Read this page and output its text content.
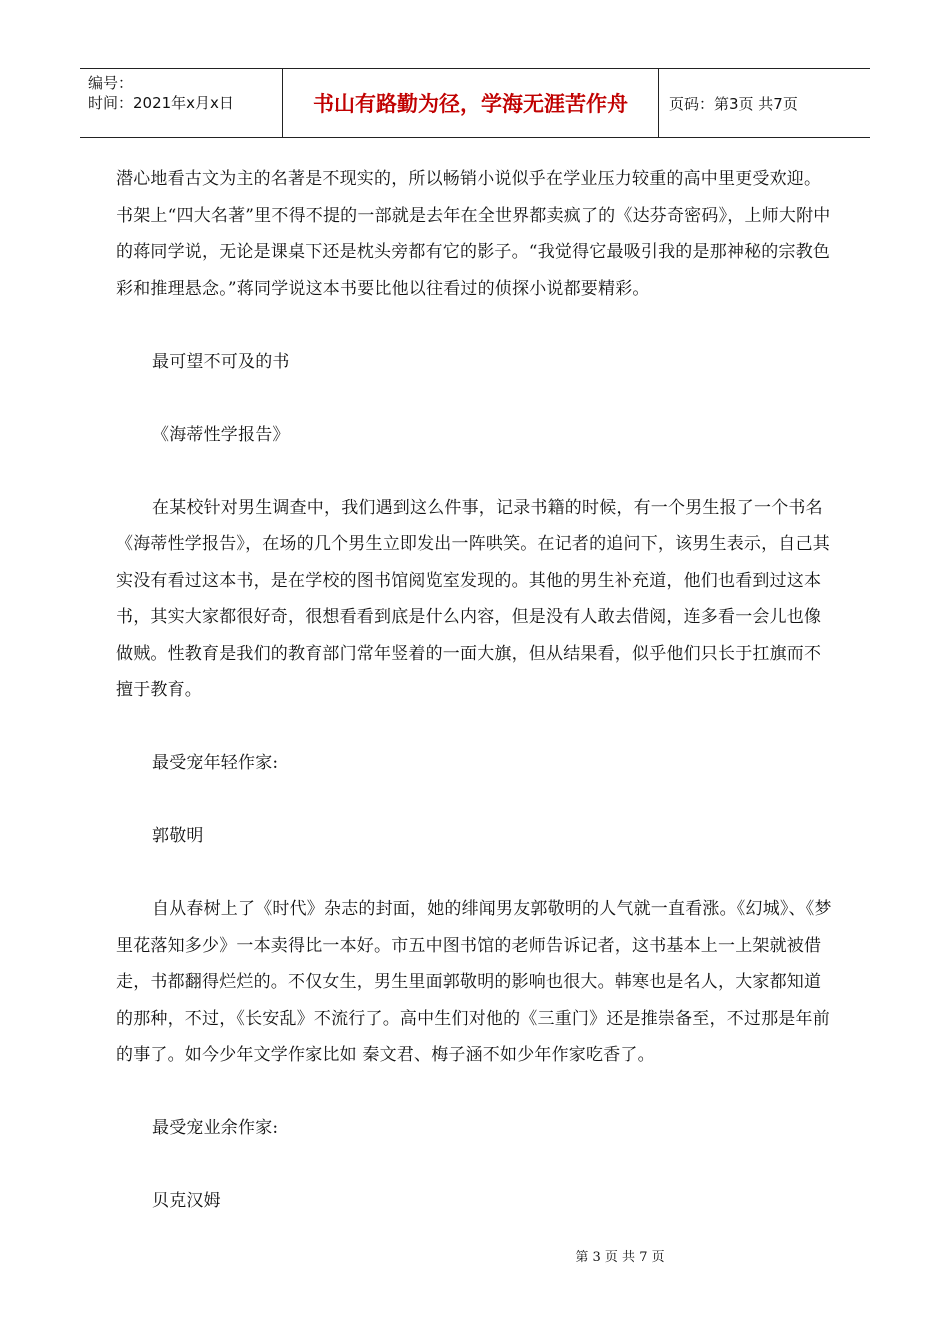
编号：
时间：2021年x月x日	书山有路勤为径，学海无涯苦作舟	页码：第3页 共7页

潜心地看古文为主的名著是不现实的，所以畅销小说似乎在学业压力较重的高中里更受欢迎。书架上“四大名著”里不得不提的一部就是去年在全世界都卖疯了的《达芬奇密码》，上师大附中的蒋同学说，无论是课桌下还是枕头旁都有它的影子。“我觉得它最吸引我的是那神秘的宗教色彩和推理悬念。”蒋同学说这本书要比他以往看过的侦探小说都要精彩。

最可望不可及的书

《海蒂性学报告》

在某校针对男生调查中，我们遇到这么件事，记录书籍的时候，有一个男生报了一个书名《海蒂性学报告》，在场的几个男生立即发出一阵哄笑。在记者的追问下，该男生表示，自己其实没有看过这本书，是在学校的图书馆阅览室发现的。其他的男生补充道，他们也看到过这本书，其实大家都很好奇，很想看看到底是什么内容，但是没有人敢去借阅，连多看一会儿也像做贼。性教育是我们的教育部门常年竖着的一面大旗，但从结果看，似乎他们只长于扛旗而不擅于教育。

最受宠年轻作家:

郭敬明

自从春树上了《时代》杂志的封面，她的绯闻男友郭敬明的人气就一直看涨。《幻城》、《梦里花落知多少》一本卖得比一本好。市五中图书馆的老师告诉记者，这书基本上一上架就被借走，书都翻得烂烂的。不仅女生，男生里面郭敬明的影响也很大。韩寒也是名人，大家都知道的那种，不过，《长安乱》不流行了。高中生们对他的《三重门》还是推崇备至，不过那是年前的事了。如今少年文学作家比如 秦文君、梅子涵不如少年作家吃香了。

最受宠业余作家:

贝克汉姆

第 3 页 共 7 页
